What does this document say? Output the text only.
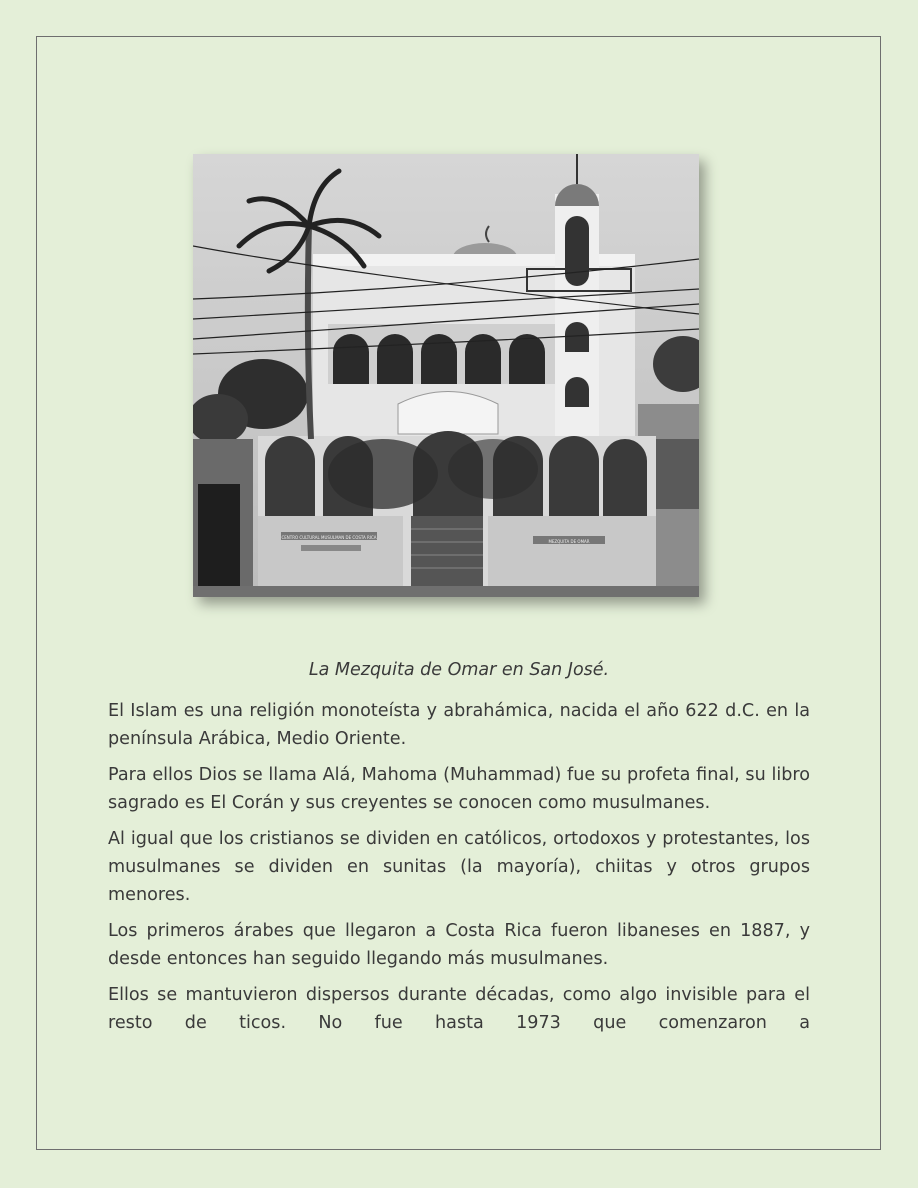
CENTRO CULTURAL MUSULMAN DE COSTA RICA
MEZQUITA DE OMAR
La Mezquita de Omar en San José.

El Islam es una religión monoteísta y abrahámica, nacida el año 622 d.C. en la península Arábica, Medio Oriente.

Para ellos Dios se llama Alá, Mahoma (Muhammad) fue su profeta final, su libro sagrado es El Corán y sus creyentes se conocen como musulmanes.

Al igual que los cristianos se dividen en católicos, ortodoxos y protestantes, los musulmanes se dividen en sunitas (la mayoría), chiitas y otros grupos menores.

Los primeros árabes que llegaron a Costa Rica fueron libaneses en 1887, y desde entonces han seguido llegando más musulmanes.

Ellos se mantuvieron dispersos durante décadas, como algo invisible para el resto de ticos. No fue hasta 1973 que comenzaron a
